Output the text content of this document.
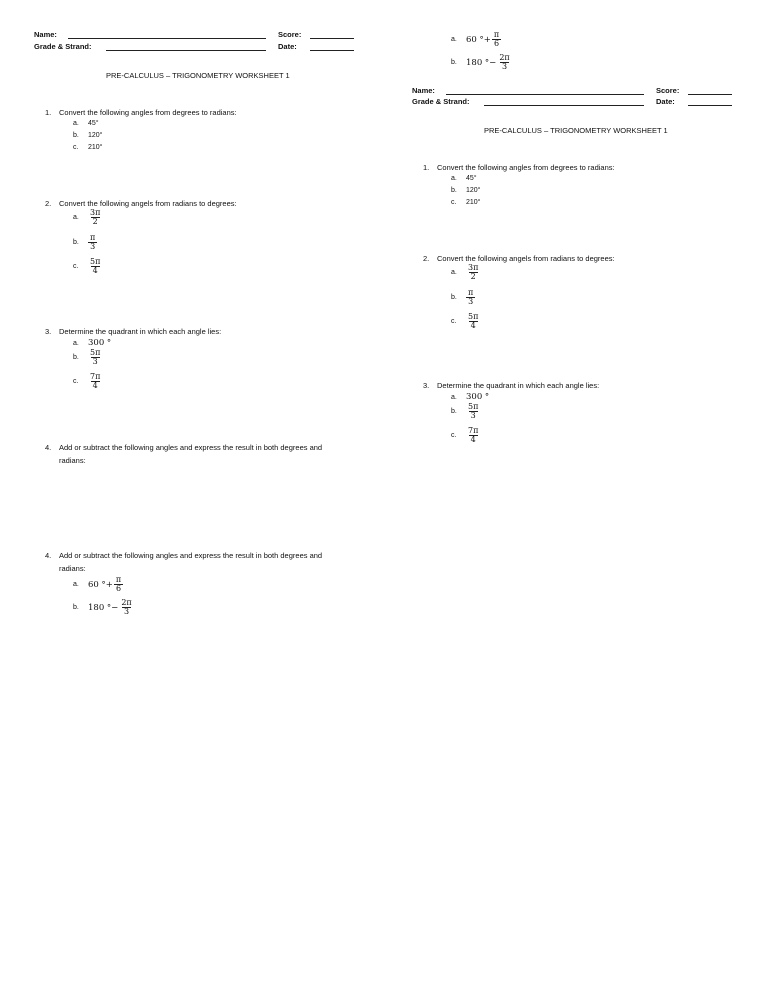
Name:	Score:
Grade & Strand:	Date:
PRE-CALCULUS – TRIGONOMETRY WORKSHEET 1
1. Convert the following angles from degrees to radians:
a. 45°
b. 120°
c. 210°
2. Convert the following angels from radians to degrees:
a.	$\frac{3\pi}{2}$
b.	$\frac{\pi}{3}$
c.	$\frac{5\pi}{4}$
3. Determine the quadrant in which each angle lies:
a. 300 °
b.	$\frac{5\pi}{3}$
c.	$\frac{7\pi}{4}$
4. Add or subtract the following angles and express the result in both degrees and
radians:
4. Add or subtract the following angles and express the result in both degrees and
radians:
a.	60 °+ $\frac{\pi}{6}$
b.	180 °− $\frac{2\pi}{3}$
a.	60 °+ $\frac{\pi}{6}$
b.	180 °− $\frac{2\pi}{3}$
Name:	Score:
Grade & Strand:	Date:
PRE-CALCULUS – TRIGONOMETRY WORKSHEET 1
1. Convert the following angles from degrees to radians:
a. 45°
b. 120°
c. 210°
2. Convert the following angels from radians to degrees:
a.	$\frac{3\pi}{2}$
b.	$\frac{\pi}{3}$
c.	$\frac{5\pi}{4}$
3. Determine the quadrant in which each angle lies:
a. 300 °
b.	$\frac{5\pi}{3}$
c.	$\frac{7\pi}{4}$
